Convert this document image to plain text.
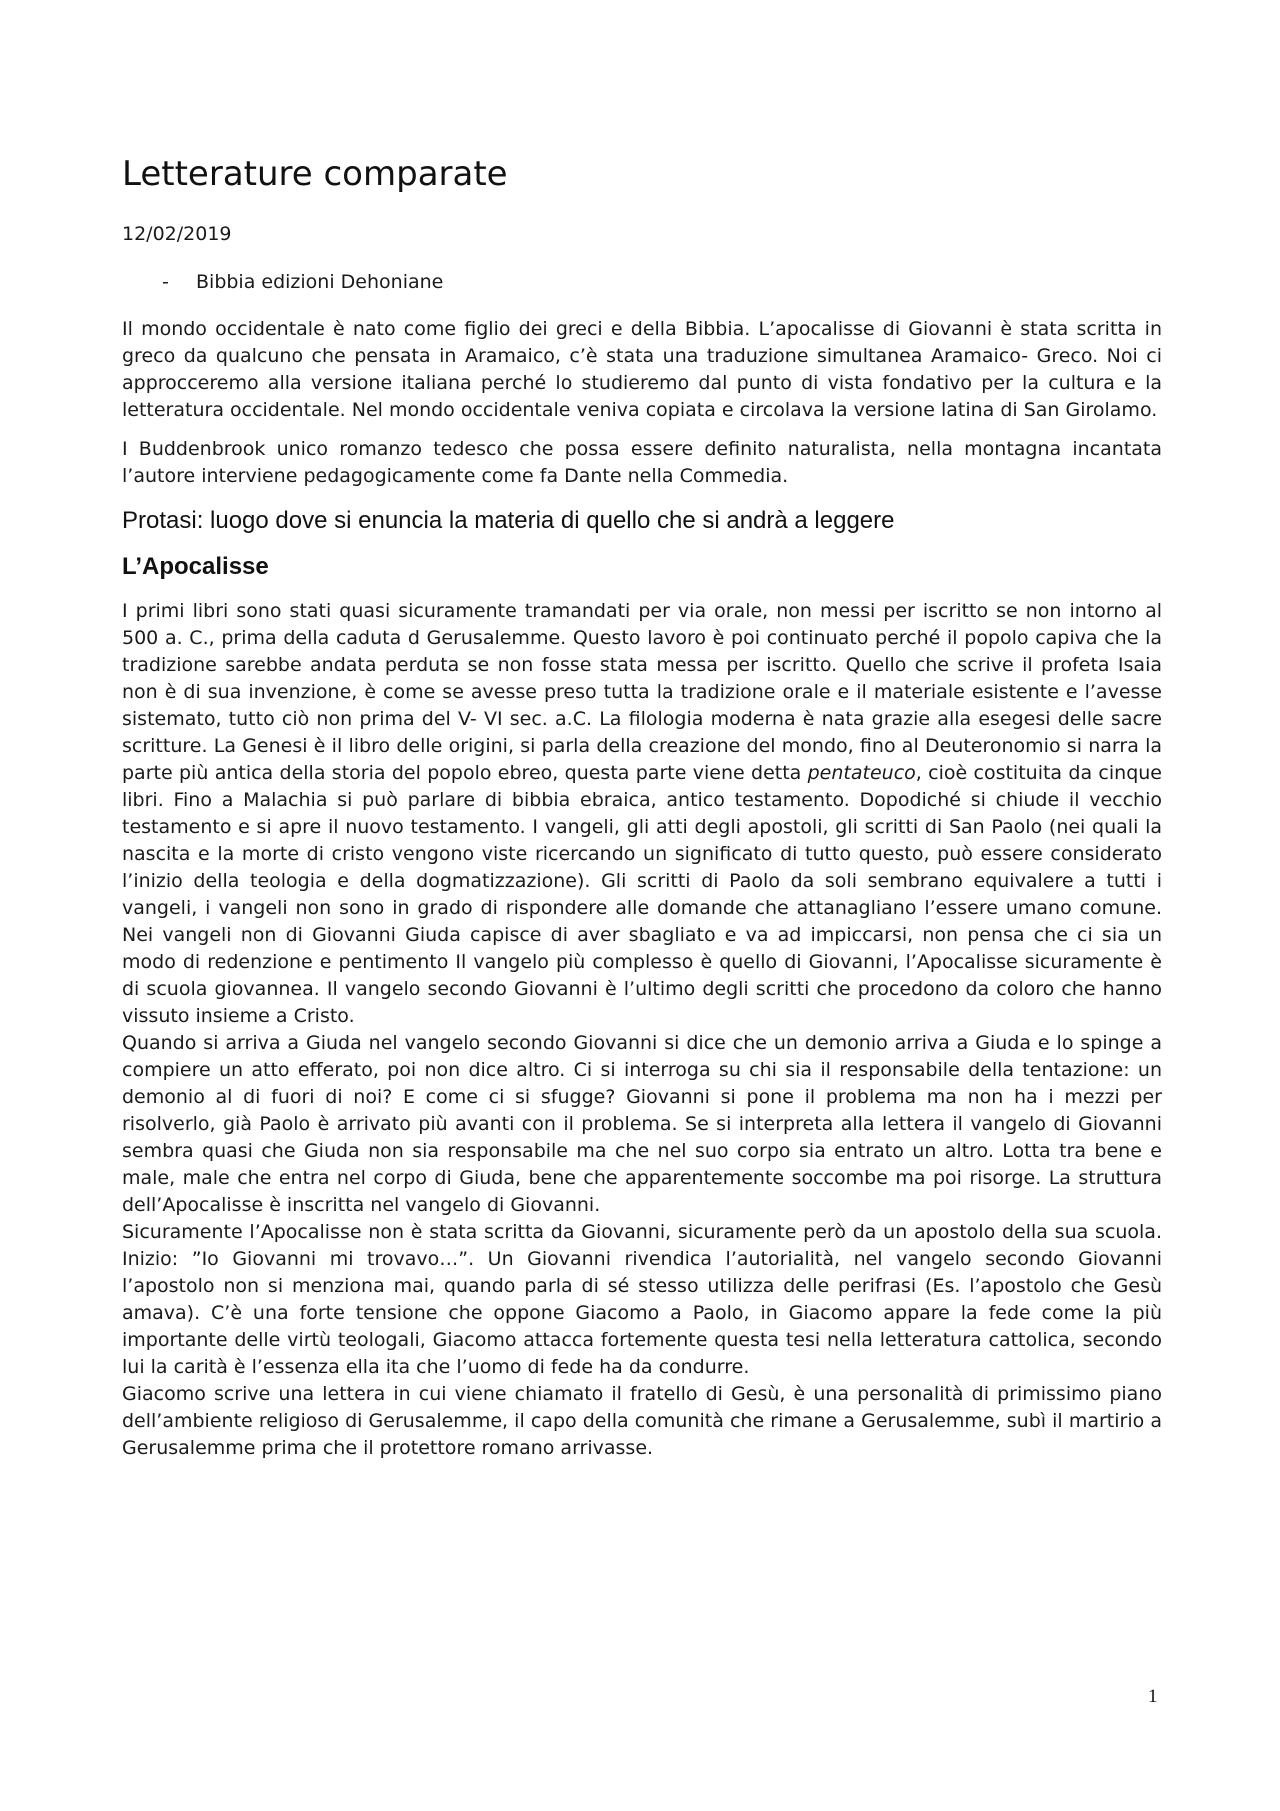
Letterature comparate
12/02/2019
- Bibbia edizioni Dehoniane

Il mondo occidentale è nato come figlio dei greci e della Bibbia. L’apocalisse di Giovanni è stata scritta in greco da qualcuno che pensata in Aramaico, c’è stata una traduzione simultanea Aramaico- Greco. Noi ci approcceremo alla versione italiana perché lo studieremo dal punto di vista fondativo per la cultura e la letteratura occidentale. Nel mondo occidentale veniva copiata e circolava la versione latina di San Girolamo.

I Buddenbrook unico romanzo tedesco che possa essere definito naturalista, nella montagna incantata l’autore interviene pedagogicamente come fa Dante nella Commedia.

Protasi: luogo dove si enuncia la materia di quello che si andrà a leggere
L’Apocalisse

I primi libri sono stati quasi sicuramente tramandati per via orale, non messi per iscritto se non intorno al 500 a. C., prima della caduta d Gerusalemme. Questo lavoro è poi continuato perché il popolo capiva che la tradizione sarebbe andata perduta se non fosse stata messa per iscritto. Quello che scrive il profeta Isaia non è di sua invenzione, è come se avesse preso tutta la tradizione orale e il materiale esistente e l’avesse sistemato, tutto ciò non prima del V- VI sec. a.C. La filologia moderna è nata grazie alla esegesi delle sacre scritture. La Genesi è il libro delle origini, si parla della creazione del mondo, fino al Deuteronomio si narra la parte più antica della storia del popolo ebreo, questa parte viene detta pentateuco, cioè costituita da cinque libri. Fino a Malachia si può parlare di bibbia ebraica, antico testamento. Dopodiché si chiude il vecchio testamento e si apre il nuovo testamento. I vangeli, gli atti degli apostoli, gli scritti di San Paolo (nei quali la nascita e la morte di cristo vengono viste ricercando un significato di tutto questo, può essere considerato l’inizio della teologia e della dogmatizzazione). Gli scritti di Paolo da soli sembrano equivalere a tutti i vangeli, i vangeli non sono in grado di rispondere alle domande che attanagliano l’essere umano comune. Nei vangeli non di Giovanni Giuda capisce di aver sbagliato e va ad impiccarsi, non pensa che ci sia un modo di redenzione e pentimento Il vangelo più complesso è quello di Giovanni, l’Apocalisse sicuramente è di scuola giovannea. Il vangelo secondo Giovanni è l’ultimo degli scritti che procedono da coloro che hanno vissuto insieme a Cristo.

Quando si arriva a Giuda nel vangelo secondo Giovanni si dice che un demonio arriva a Giuda e lo spinge a compiere un atto efferato, poi non dice altro. Ci si interroga su chi sia il responsabile della tentazione: un demonio al di fuori di noi? E come ci si sfugge? Giovanni si pone il problema ma non ha i mezzi per risolverlo, già Paolo è arrivato più avanti con il problema. Se si interpreta alla lettera il vangelo di Giovanni sembra quasi che Giuda non sia responsabile ma che nel suo corpo sia entrato un altro. Lotta tra bene e male, male che entra nel corpo di Giuda, bene che apparentemente soccombe ma poi risorge. La struttura dell’Apocalisse è inscritta nel vangelo di Giovanni.

Sicuramente l’Apocalisse non è stata scritta da Giovanni, sicuramente però da un apostolo della sua scuola. Inizio: ”Io Giovanni mi trovavo…”. Un Giovanni rivendica l’autorialità, nel vangelo secondo Giovanni l’apostolo non si menziona mai, quando parla di sé stesso utilizza delle perifrasi (Es. l’apostolo che Gesù amava). C’è una forte tensione che oppone Giacomo a Paolo, in Giacomo appare la fede come la più importante delle virtù teologali, Giacomo attacca fortemente questa tesi nella letteratura cattolica, secondo lui la carità è l’essenza ella ita che l’uomo di fede ha da condurre.

Giacomo scrive una lettera in cui viene chiamato il fratello di Gesù, è una personalità di primissimo piano dell’ambiente religioso di Gerusalemme, il capo della comunità che rimane a Gerusalemme, subì il martirio a Gerusalemme prima che il protettore romano arrivasse.

1
